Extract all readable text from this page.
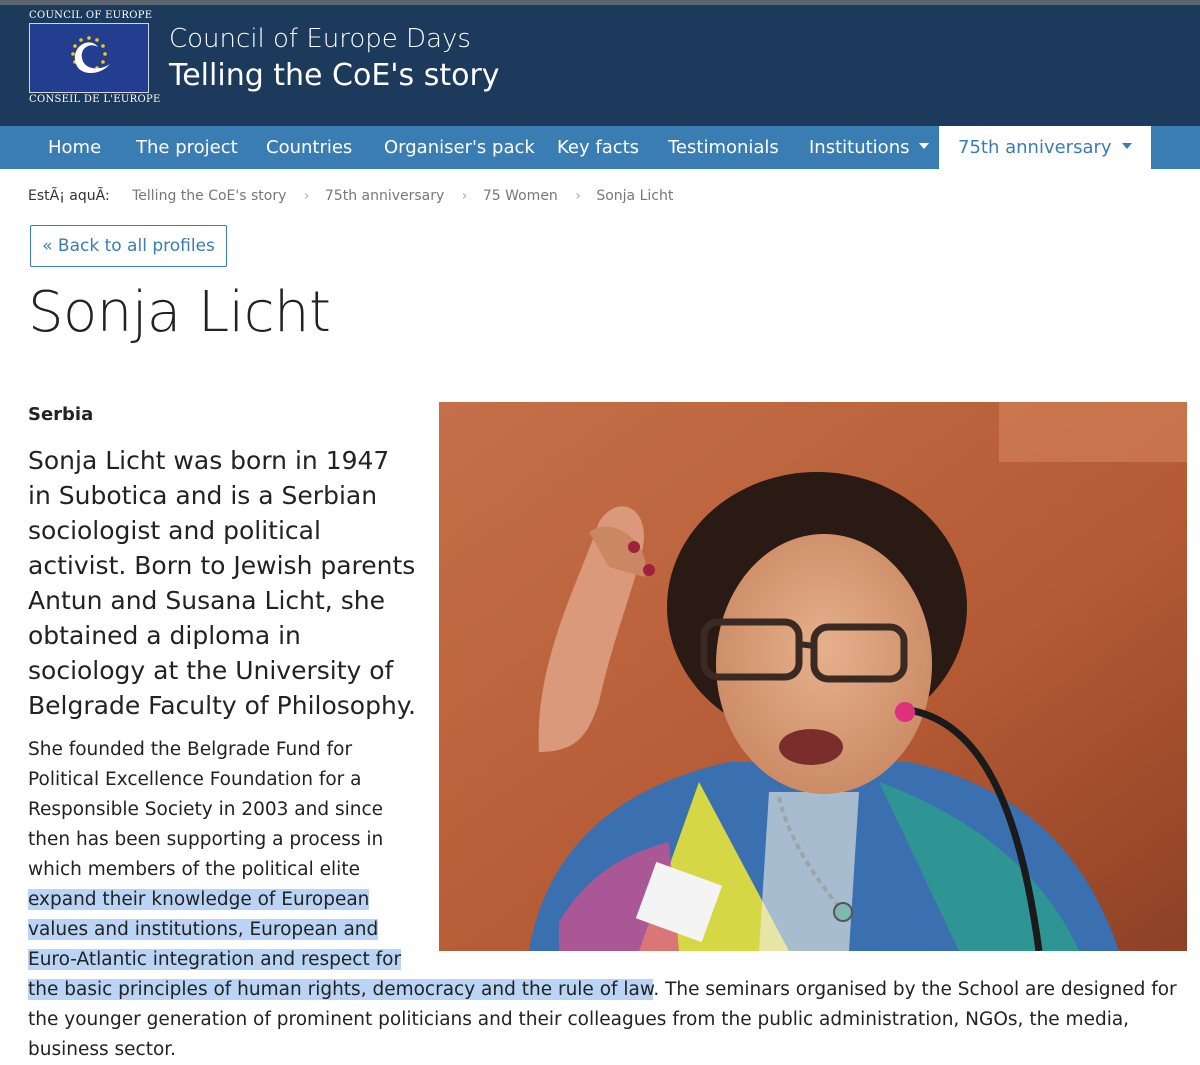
COUNCIL OF EUROPE
CONSEIL DE L'EUROPE
Council of Europe Days
Telling the CoE's story
Home The project Countries Organiser's pack Key facts Testimonials Institutions	75th anniversary
EstÃ¡ aquÃ: Telling the CoE's story › 75th anniversary › 75 Women › Sonja Licht
« Back to all profiles
Sonja Licht
Serbia

Sonja Licht was born in 1947 in Subotica and is a Serbian sociologist and political activist. Born to Jewish parents Antun and Susana Licht, she obtained a diploma in sociology at the University of Belgrade Faculty of Philosophy.

She founded the Belgrade Fund for Political Excellence Foundation for a Responsible Society in 2003 and since then has been supporting a process in which members of the political elite expand their knowledge of European values and institutions, European and Euro-Atlantic integration and respect for the basic principles of human rights, democracy and the rule of law. The seminars organised by the School are designed for the younger generation of prominent politicians and their colleagues from the public administration, NGOs, the media, business sector.
